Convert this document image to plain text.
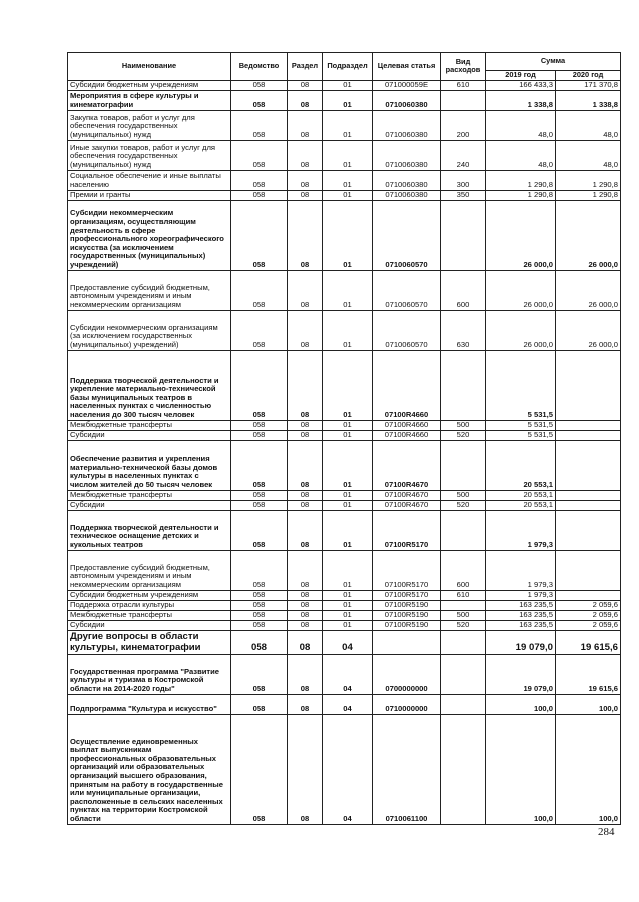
Наименование	Ведомство	Раздел	Подраздел	Целевая статья	Вид расходов	Сумма	
						2019 год	2020 год
Субсидии бюджетным учреждениям	058	08	01	071000059Е	610	166 433,3	171 370,8
Мероприятия в сфере культуры и кинематографии	058	08	01	0710060380		1 338,8	1 338,8
Закупка товаров, работ и услуг для обеспечения государственных (муниципальных) нужд	058	08	01	0710060380	200	48,0	48,0
Иные закупки товаров, работ и услуг для обеспечения государственных (муниципальных) нужд	058	08	01	0710060380	240	48,0	48,0
Социальное обеспечение и иные выплаты населению	058	08	01	0710060380	300	1 290,8	1 290,8
Премии и гранты	058	08	01	0710060380	350	1 290,8	1 290,8
Субсидии некоммерческим организациям, осуществляющим деятельность в сфере профессионального хореографического искусства (за исключением государственных (муниципальных) учреждений)	058	08	01	0710060570		26 000,0	26 000,0
Предоставление субсидий бюджетным, автономным учреждениям и иным некоммерческим организациям	058	08	01	0710060570	600	26 000,0	26 000,0
Субсидии некоммерческим организациям (за исключением государственных (муниципальных) учреждений)	058	08	01	0710060570	630	26 000,0	26 000,0
Поддержка творческой деятельности и укрепление материально-технической базы муниципальных театров в населенных пунктах с численностью населения до 300 тысяч человек	058	08	01	07100R4660		5 531,5	
Межбюджетные трансферты	058	08	01	07100R4660	500	5 531,5	
Субсидии	058	08	01	07100R4660	520	5 531,5	
Обеспечение развития и укрепления материально-технической базы домов культуры в населенных пунктах с числом жителей до 50 тысяч человек	058	08	01	07100R4670		20 553,1	
Межбюджетные трансферты	058	08	01	07100R4670	500	20 553,1	
Субсидии	058	08	01	07100R4670	520	20 553,1	
Поддержка творческой деятельности и техническое оснащение детских и кукольных театров	058	08	01	07100R5170		1 979,3	
Предоставление субсидий бюджетным, автономным учреждениям и иным некоммерческим организациям	058	08	01	07100R5170	600	1 979,3	
Субсидии бюджетным учреждениям	058	08	01	07100R5170	610	1 979,3	
Поддержка отрасли культуры	058	08	01	07100R5190		163 235,5	2 059,6
Межбюджетные трансферты	058	08	01	07100R5190	500	163 235,5	2 059,6
Субсидии	058	08	01	07100R5190	520	163 235,5	2 059,6
Другие вопросы в области культуры, кинематографии	058	08	04			19 079,0	19 615,6
Государственная программа "Развитие культуры и туризма в Костромской области на 2014-2020 годы"	058	08	04	0700000000		19 079,0	19 615,6
Подпрограмма "Культура и искусство"	058	08	04	0710000000		100,0	100,0
Осуществление единовременных выплат выпускникам профессиональных образовательных организаций или образовательных организаций высшего образования, принятым на работу в государственные или муниципальные организации, расположенные в сельских населенных пунктах на территории Костромской области	058	08	04	0710061100		100,0	100,0
284
